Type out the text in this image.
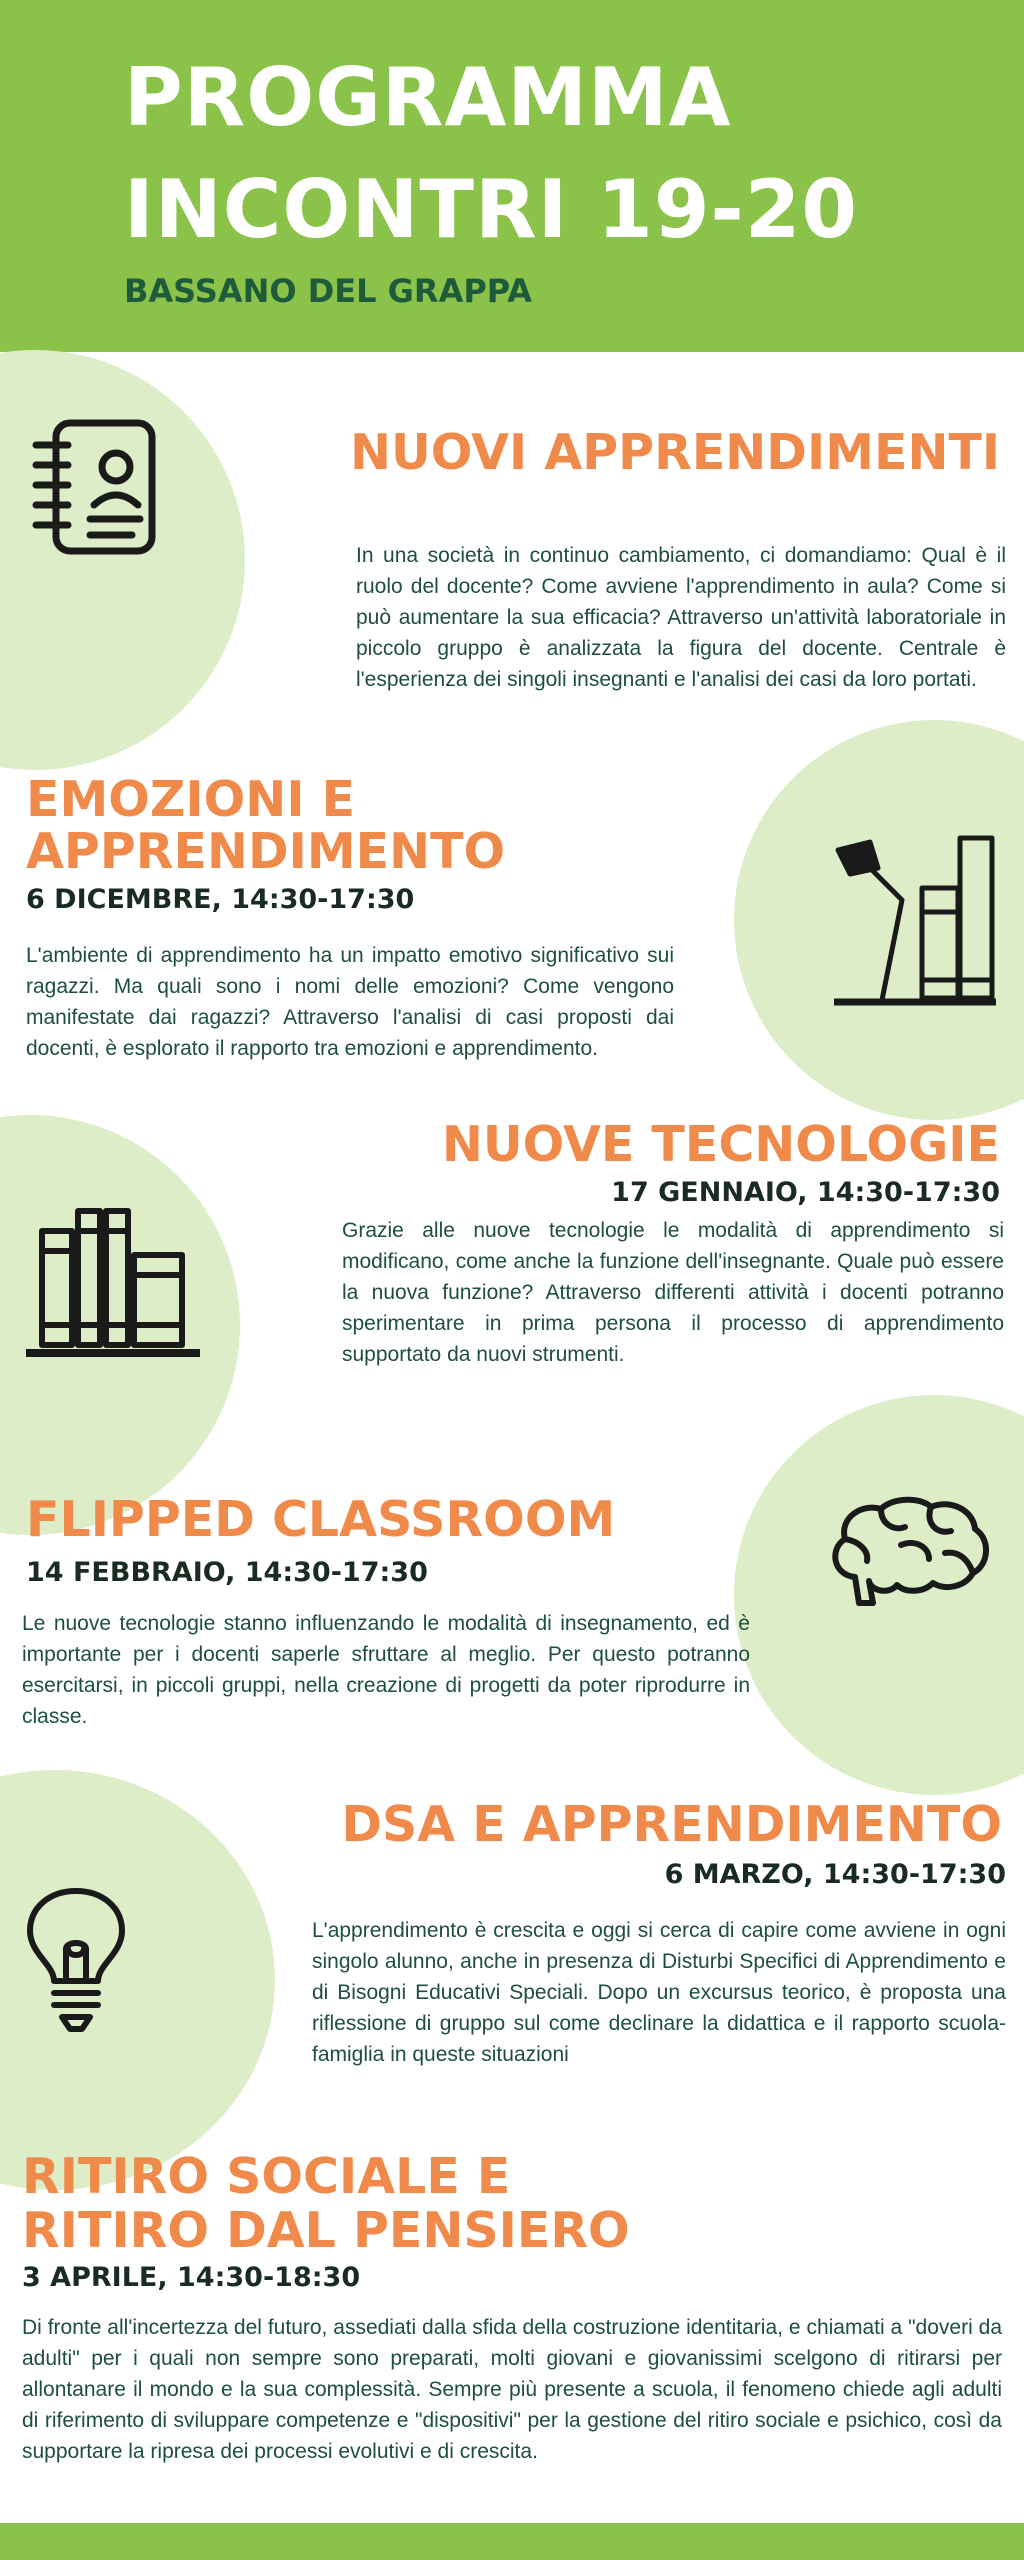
PROGRAMMA
INCONTRI 19-20
BASSANO DEL GRAPPA
NUOVI APPRENDIMENTI

In una società in continuo cambiamento, ci domandiamo: Qual è il ruolo del docente? Come avviene l'apprendimento in aula? Come si può aumentare la sua efficacia? Attraverso un'attività laboratoriale in piccolo gruppo è analizzata la figura del docente. Centrale è l'esperienza dei singoli insegnanti e l'analisi dei casi da loro portati.

EMOZIONI E
APPRENDIMENTO

6 DICEMBRE, 14:30-17:30

L'ambiente di apprendimento ha un impatto emotivo significativo sui ragazzi. Ma quali sono i nomi delle emozioni? Come vengono manifestate dai ragazzi? Attraverso l'analisi di casi proposti dai docenti, è esplorato il rapporto tra emozioni e apprendimento.

NUOVE TECNOLOGIE

17 GENNAIO, 14:30-17:30

Grazie alle nuove tecnologie le modalità di apprendimento si modificano, come anche la funzione dell'insegnante. Quale può essere la nuova funzione? Attraverso differenti attività i docenti potranno sperimentare in prima persona il processo di apprendimento supportato da nuovi strumenti.

FLIPPED CLASSROOM

14 FEBBRAIO, 14:30-17:30

Le nuove tecnologie stanno influenzando le modalità di insegnamento, ed è importante per i docenti saperle sfruttare al meglio. Per questo potranno esercitarsi, in piccoli gruppi, nella creazione di progetti da poter riprodurre in classe.

DSA E APPRENDIMENTO

6 MARZO, 14:30-17:30

L'apprendimento è crescita e oggi si cerca di capire come avviene in ogni singolo alunno, anche in presenza di Disturbi Specifici di Apprendimento e di Bisogni Educativi Speciali. Dopo un excursus teorico, è proposta una riflessione di gruppo sul come declinare la didattica e il rapporto scuola-famiglia in queste situazioni

RITIRO SOCIALE E
RITIRO DAL PENSIERO

3 APRILE, 14:30-18:30

Di fronte all'incertezza del futuro, assediati dalla sfida della costruzione identitaria, e chiamati a "doveri da adulti" per i quali non sempre sono preparati, molti giovani e giovanissimi scelgono di ritirarsi per allontanare il mondo e la sua complessità. Sempre più presente a scuola, il fenomeno chiede agli adulti di riferimento di sviluppare competenze e "dispositivi" per la gestione del ritiro sociale e psichico, così da supportare la ripresa dei processi evolutivi e di crescita.
